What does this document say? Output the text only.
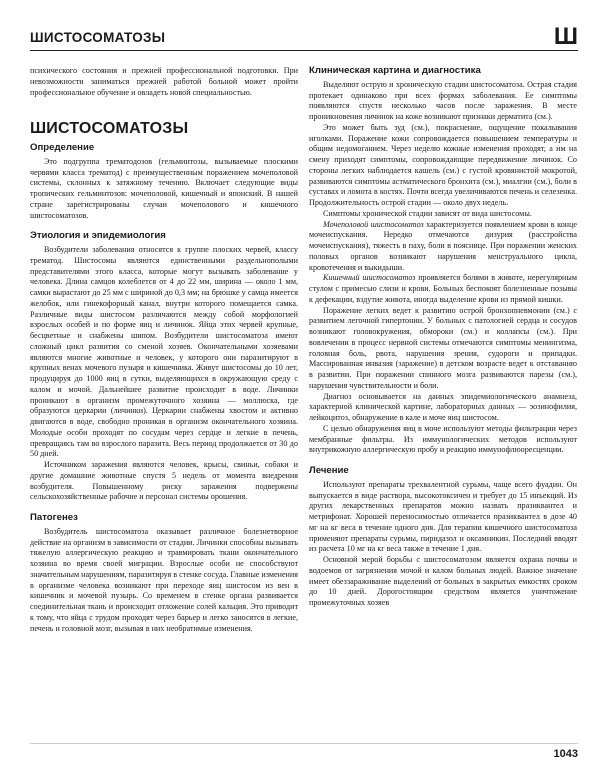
ШИСТОСОМАТОЗЫ	Ш

психического состояния и прежней профессиональной подготовки. При невозможности заниматься прежней работой больной может пройти профессиональное обучение и овладеть новой специальностью.

ШИСТОСОМАТОЗЫ
Определение

Это подгруппа трематодозов (гельминтозы, вызываемые плоскими червями класса трематод) с преимущественным поражением мочеполовой системы, склонных к затяжному течению. Включает следующие виды тропических гельминтозов: мочеполовой, кишечный и японский. В нашей стране зарегистрированы случаи мочеполового и кишечного шистосоматозов.

Этиология и эпидемиология

Возбудители заболевания относятся к группе плоских червей, классу трематод. Шистосомы являются единственными раздельнополыми представителями этого класса, которые могут вызывать заболевание у человека. Длина самцов колеблется от 4 до 22 мм, ширина — около 1 мм, самки вырастают до 25 мм с шириной до 0,3 мм; на брюшке у самца имеется желобок, или гинекофорный канал, внутри которого помещается самка. Различные виды шистосом различаются между собой морфологией взрослых особей и по форме яиц и личинок. Яйца этих червей крупные, бесцветные и снабжены шипом. Возбудители шистосоматоза имеют сложный цикл развития со сменой хозяев. Окончательными хозяевами являются многие животные и человек, у которого они паразитируют в крупных венах мочевого пузыря и кишечника. Живут шистосомы до 10 лет, продуцируя до 1000 яиц в сутки, выделяющихся в окружающую среду с калом и мочой. Дальнейшее развитие происходит в воде. Личинки проникают в организм промежуточного хозяина — моллюска, где образуются церкарии (личинки). Церкарии снабжены хвостом и активно двигаются в воде, свободно проникая в организм окончательного хозяина. Молодые особи проходят по сосудам через сердце и легкие в печень, превращаясь там во взрослого паразита. Весь период продолжается от 30 до 50 дней.

Источником заражения являются человек, крысы, свиньи, собаки и другие домашние животные спустя 5 недель от момента внедрения возбудителя. Повышенному риску заражения подвержены сельскохозяйственные рабочие и персонал системы орошения.

Патогенез

Возбудитель шистосоматоза оказывает различное болезнетворное действие на организм в зависимости от стадии. Личинки способны вызывать тяжелую аллергическую реакцию и травмировать ткани окончательного хозяина во время своей миграции. Взрослые особи не способствуют значительным нарушениям, паразитируя в стенке сосуда. Главные изменения в организме человека возникают при переходе яиц шистосом из вен в кишечник и мочевой пузырь. Со временем в стенке органа развивается соединительная ткань и происходит отложение солей кальция. Это приводит к тому, что яйца с трудом проходят через барьер и легко заносятся в легкие, печень и головной мозг, вызывая в них необратимые изменения.

Клиническая картина и диагностика

Выделяют острую и хроническую стадии шистосоматоза. Острая стадия протекает одинаково при всех формах заболевания. Ее симптомы появляются спустя несколько часов после заражения. В месте проникновения личинок на коже возникают признаки дерматита (см.).

Это может быть зуд (см.), покраснение, ощущение покалывания иголками. Поражение кожи сопровождается повышением температуры и общим недомоганием. Через неделю кожные изменения проходят, а им на смену приходят симптомы, сопровождающие передвижение личинок. Со стороны легких наблюдается кашель (см.) с густой кровянистой мокротой, развиваются симптомы астматического бронхита (см.), миалгии (см.), боли в суставах и ломота в костях. Почти всегда увеличиваются печень и селезенка. Продолжительность острой стадии — около двух недель.

Симптомы хронической стадии зависят от вида шистосомы.

Мочеполовой шистосоматоз характеризуется появлением крови в конце мочеиспускания. Нередко отмечаются дизурия (расстройства мочеиспускания), тяжесть в паху, боли в пояснице. При поражении женских половых органов возникают нарушения менструального цикла, кровотечения и выкидыши.

Кишечный шистосоматоз проявляется болями в животе, нерегулярным стулом с примесью слизи и крови. Больных беспокоят болезненные позывы к дефекации, вздутие живота, иногда выделение крови из прямой кишки.

Поражение легких ведет к развитию острой бронхопневмонии (см.) с развитием легочной гипертонии. У больных с патологией сердца и сосудов возникают головокружения, обмороки (см.) и коллапсы (см.). При вовлечении в процесс нервной системы отмечаются симптомы менингизма, головная боль, рвота, нарушения зрения, судороги и припадки. Массированная инвазия (заражение) в детском возрасте ведет к отставанию в развитии. При поражении спинного мозга развиваются парезы (см.), нарушения чувствительности и боли.

Диагноз основывается на данных эпидемиологического анамнеза, характерной клинической картине, лабораторных данных — эозинофилия, лейкоцитоз, обнаружение в кале и моче яиц шистосом.

С целью обнаружения яиц в моче используют методы фильтрации через мембранные фильтры. Из иммунологических методов используют внутрикожную аллергическую пробу и реакцию иммунофлюоресценции.

Лечение

Используют препараты трехвалентной сурьмы, чаще всего фуадин. Он выпускается в виде раствора, высокотоксичен и требует до 15 инъекций. Из других лекарственных препаратов можно назвать празиквантел и метрифонат. Хорошей переносимостью отличается празиквантел в дозе 40 мг на кг веса в течение одного дня. Для терапии кишечного шистосоматоза применяют препараты сурьмы, пиридазол и оксамникин. Последний вводят из расчета 10 мг на кг веса также в течение 1 дня.

Основной мерой борьбы с шистосоматозом является охрана почвы и водоемов от загрязнения мочой и калом больных людей. Важное значение имеет обеззараживание выделений от больных в закрытых емкостях сроком до 10 дней. Дорогостоящим средством является уничтожение промежуточных хозяев

1043
